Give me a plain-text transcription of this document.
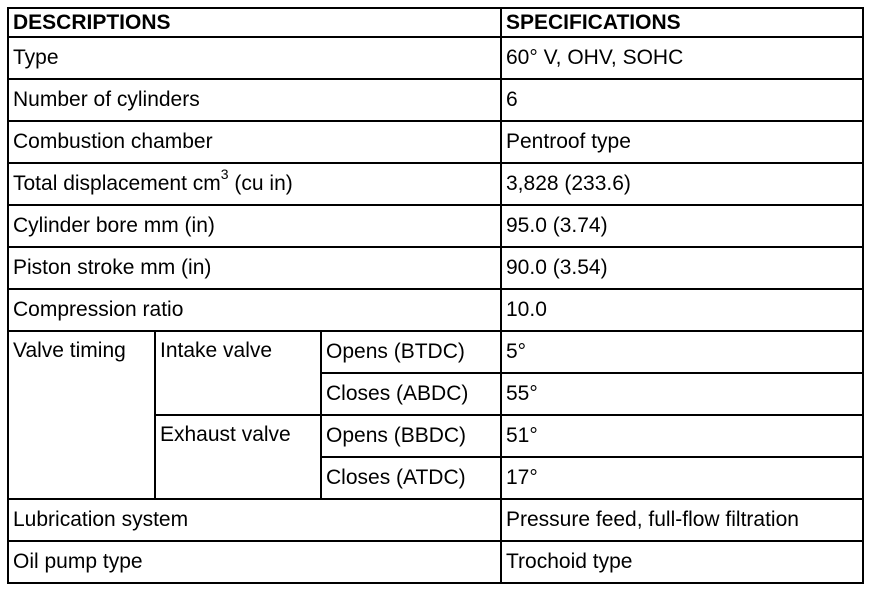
DESCRIPTIONS			SPECIFICATIONS
Type			60° V, OHV, SOHC
Number of cylinders			6
Combustion chamber			Pentroof type
Total displacement $cm^3$ (cu in)			3,828 (233.6)
Cylinder bore mm (in)			95.0 (3.74)
Piston stroke mm (in)			90.0 (3.54)
Compression ratio			10.0
Valve timing	Intake valve	Opens (BTDC)	5°
		Closes (ABDC)	55°
	Exhaust valve	Opens (BBDC)	51°
		Closes (ATDC)	17°
Lubrication system			Pressure feed, full-flow filtration
Oil pump type			Trochoid type
